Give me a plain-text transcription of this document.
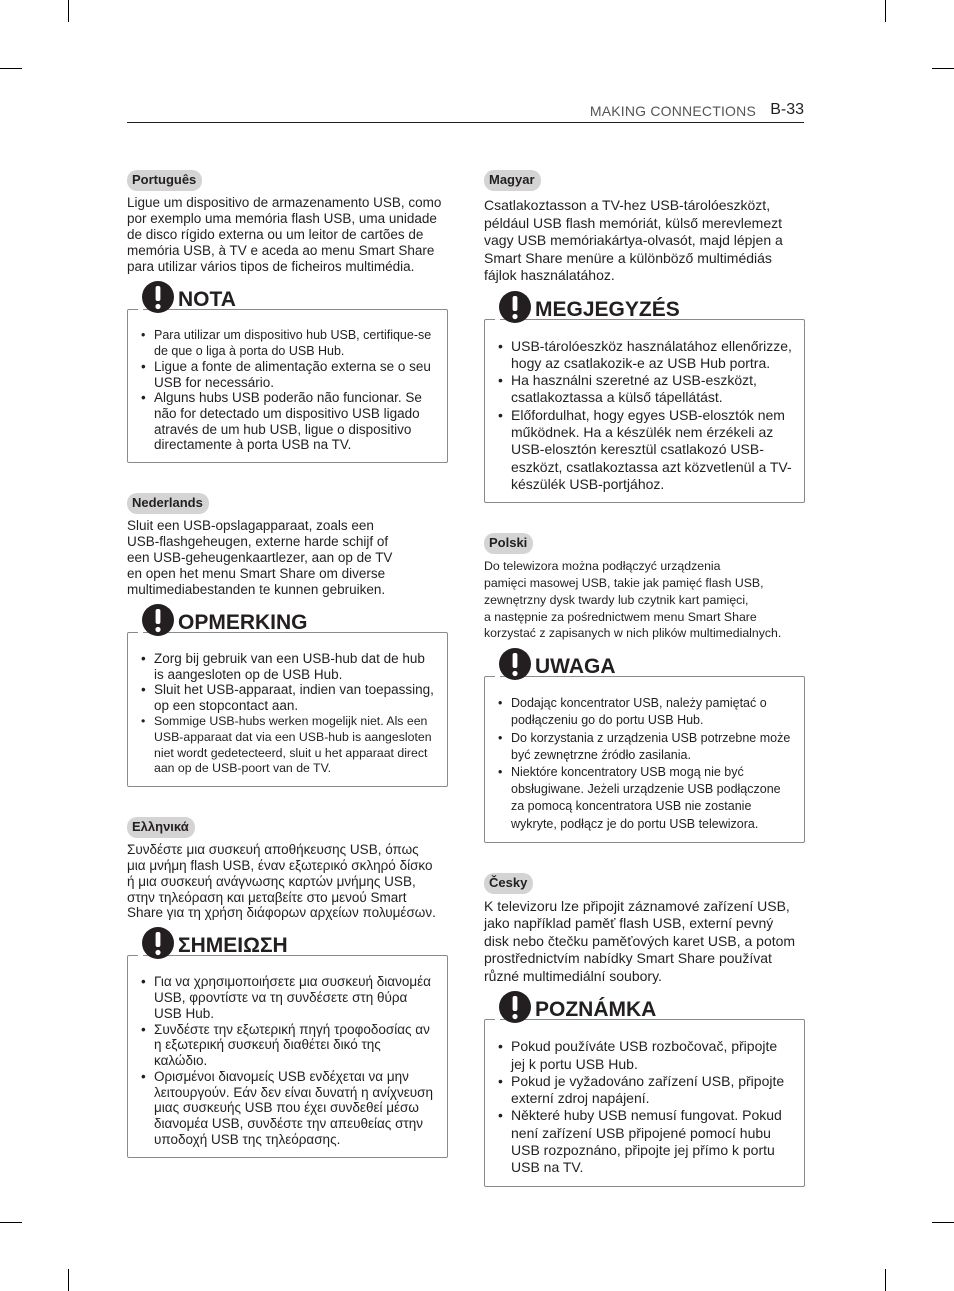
MAKING CONNECTIONS B-33
Português

Ligue um dispositivo de armazenamento USB, como
por exemplo uma memória flash USB, uma unidade
de disco rígido externa ou um leitor de cartões de
memória USB, à TV e aceda ao menu Smart Share
para utilizar vários tipos de ficheiros multimédia.

NOTA
• Para utilizar um dispositivo hub USB, certifique-se de que o liga à porta do USB Hub.
• Ligue a fonte de alimentação externa se o seu USB for necessário.
• Alguns hubs USB poderão não funcionar. Se não for detectado um dispositivo USB ligado através de um hub USB, ligue o dispositivo directamente à porta USB na TV.
Nederlands

Sluit een USB-opslagapparaat, zoals een
USB-flashgeheugen, externe harde schijf of
een USB-geheugenkaartlezer, aan op de TV
en open het menu Smart Share om diverse
multimediabestanden te kunnen gebruiken.

OPMERKING
• Zorg bij gebruik van een USB-hub dat de hub is aangesloten op de USB Hub.
• Sluit het USB-apparaat, indien van toepassing, op een stopcontact aan.
• Sommige USB-hubs werken mogelijk niet. Als een USB-apparaat dat via een USB-hub is aangesloten niet wordt gedetecteerd, sluit u het apparaat direct aan op de USB-poort van de TV.
Ελληνικά

Συνδέστε μια συσκευή αποθήκευσης USB, όπως
μια μνήμη flash USB, έναν εξωτερικό σκληρό δίσκο
ή μια συσκευή ανάγνωσης καρτών μνήμης USB,
στην τηλεόραση και μεταβείτε στο μενού Smart
Share για τη χρήση διάφορων αρχείων πολυμέσων.

ΣΗΜΕΙΩΣΗ
• Για να χρησιμοποιήσετε μια συσκευή διανομέα USB, φροντίστε να τη συνδέσετε στη θύρα USB Hub.
• Συνδέστε την εξωτερική πηγή τροφοδοσίας αν η εξωτερική συσκευή διαθέτει δικό της καλώδιο.
• Ορισμένοι διανομείς USB ενδέχεται να μην λειτουργούν. Εάν δεν είναι δυνατή η ανίχνευση μιας συσκευής USB που έχει συνδεθεί μέσω διανομέα USB, συνδέστε την απευθείας στην υποδοχή USB της τηλεόρασης.
Magyar

Csatlakoztasson a TV-hez USB-tárolóeszközt,
például USB flash memóriát, külső merevlemezt
vagy USB memóriakártya-olvasót, majd lépjen a
Smart Share menüre a különböző multimédiás
fájlok használatához.

MEGJEGYZÉS
• USB-tárolóeszköz használatához ellenőrizze, hogy az csatlakozik-e az USB Hub portra.
• Ha használni szeretné az USB-eszközt, csatlakoztassa a külső tápellátást.
• Előfordulhat, hogy egyes USB-elosztók nem működnek. Ha a készülék nem érzékeli az USB-elosztón keresztül csatlakozó USB-eszközt, csatlakoztassa azt közvetlenül a TV-készülék USB-portjához.
Polski

Do telewizora można podłączyć urządzenia
pamięci masowej USB, takie jak pamięć flash USB,
zewnętrzny dysk twardy lub czytnik kart pamięci,
a następnie za pośrednictwem menu Smart Share
korzystać z zapisanych w nich plików multimedialnych.

UWAGA
• Dodając koncentrator USB, należy pamiętać o podłączeniu go do portu USB Hub.
• Do korzystania z urządzenia USB potrzebne może być zewnętrzne źródło zasilania.
• Niektóre koncentratory USB mogą nie być obsługiwane. Jeżeli urządzenie USB podłączone za pomocą koncentratora USB nie zostanie wykryte, podłącz je do portu USB telewizora.
Česky

K televizoru lze připojit záznamové zařízení USB,
jako například paměť flash USB, externí pevný
disk nebo čtečku paměťových karet USB, a potom
prostřednictvím nabídky Smart Share používat
různé multimediální soubory.

POZNÁMKA
• Pokud používáte USB rozbočovač, připojte jej k portu USB Hub.
• Pokud je vyžadováno zařízení USB, připojte externí zdroj napájení.
• Některé huby USB nemusí fungovat. Pokud není zařízení USB připojené pomocí hubu USB rozpoznáno, připojte jej přímo k portu USB na TV.
